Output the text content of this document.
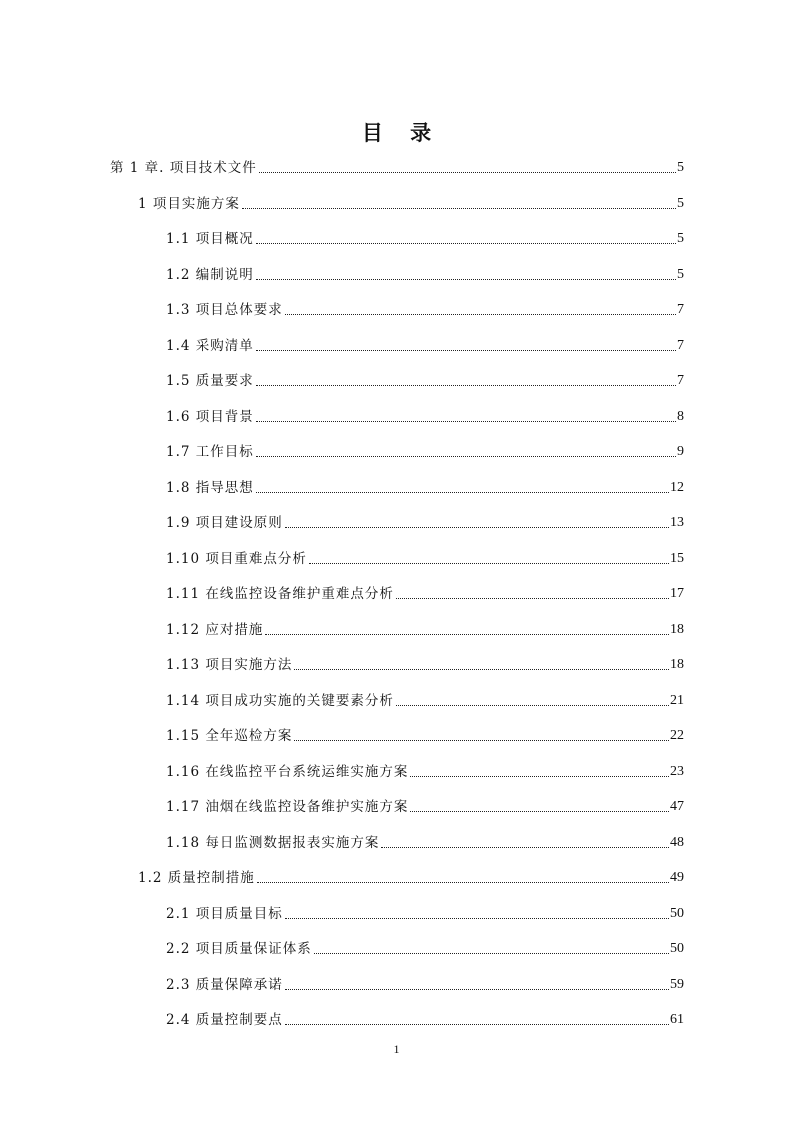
目 录
第 1 章. 项目技术文件	5
1 项目实施方案	5
1.1 项目概况	5
1.2 编制说明	5
1.3 项目总体要求	7
1.4 采购清单	7
1.5 质量要求	7
1.6 项目背景	8
1.7 工作目标	9
1.8 指导思想	12
1.9 项目建设原则	13
1.10 项目重难点分析	15
1.11 在线监控设备维护重难点分析	17
1.12 应对措施	18
1.13 项目实施方法	18
1.14 项目成功实施的关键要素分析	21
1.15 全年巡检方案	22
1.16 在线监控平台系统运维实施方案	23
1.17 油烟在线监控设备维护实施方案	47
1.18 每日监测数据报表实施方案	48
1.2 质量控制措施	49
2.1 项目质量目标	50
2.2 项目质量保证体系	50
2.3 质量保障承诺	59
2.4 质量控制要点	61
1
